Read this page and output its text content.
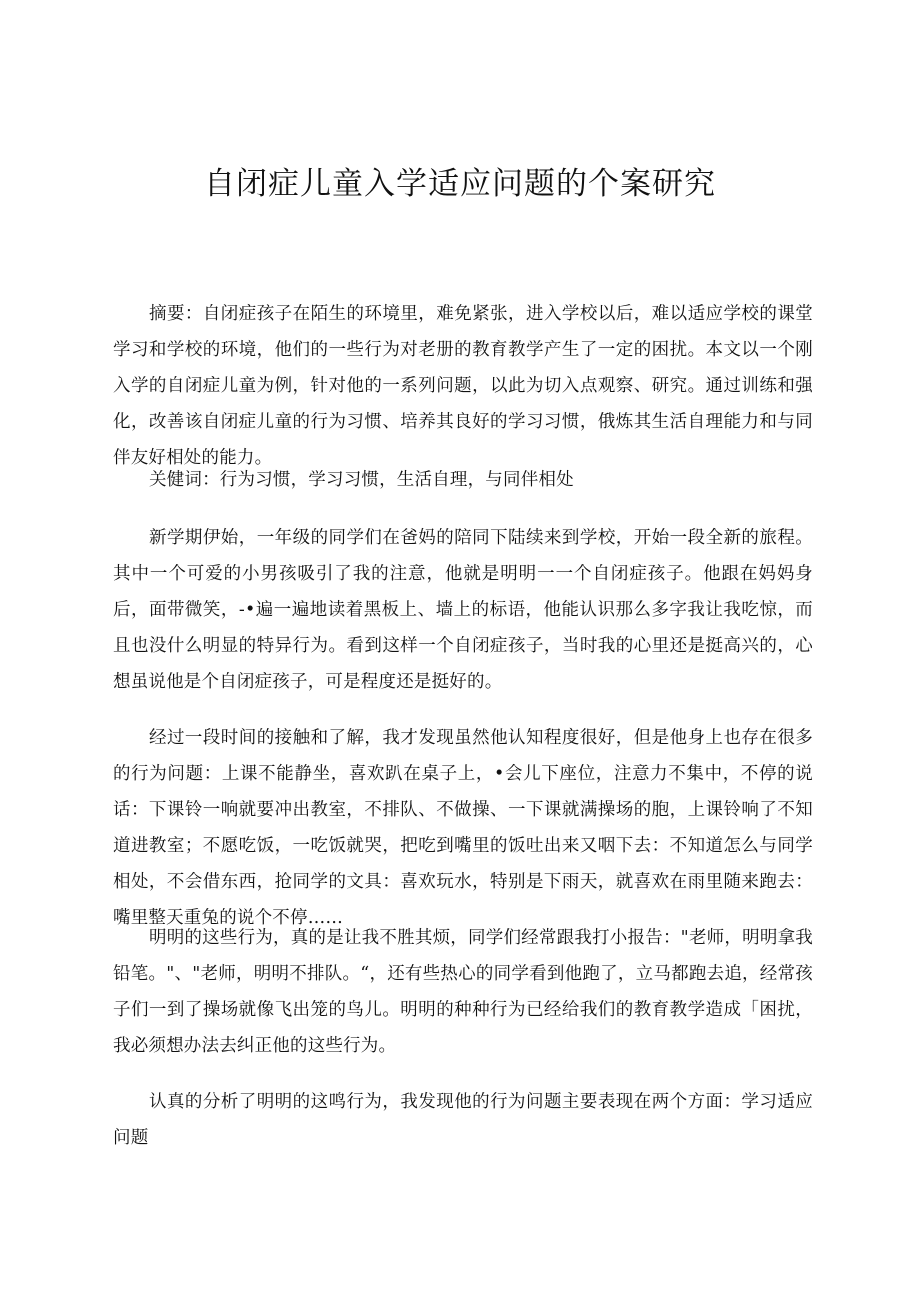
自闭症儿童入学适应问题的个案研究

摘要：自闭症孩子在陌生的环境里，难免紧张，进入学校以后，难以适应学校的课堂学习和学校的环境，他们的一些行为对老册的教育教学产生了一定的困扰。本文以一个刚入学的自闭症儿童为例，针对他的一系列问题，以此为切入点观察、研究。通过训练和强化，改善该自闭症儿童的行为习惯、培养其良好的学习习惯，俄炼其生活自理能力和与同伴友好相处的能力。

关健词：行为习惯，学习习惯，生活自理，与同伴相处

新学期伊始，一年级的同学们在爸妈的陪同下陆续来到学校，开始一段全新的旅程。其中一个可爱的小男孩吸引了我的注意，他就是明明一一个自闭症孩子。他跟在妈妈身后，面带微笑，-•遍一遍地读着黑板上、墙上的标语，他能认识那么多字我让我吃惊，而且也没什么明显的特异行为。看到这样一个自闭症孩子，当时我的心里还是挺高兴的，心想虽说他是个自闭症孩子，可是程度还是挺好的。

经过一段时间的接触和了解，我才发现虽然他认知程度很好，但是他身上也存在很多的行为问题：上课不能静坐，喜欢趴在桌子上，•会儿下座位，注意力不集中，不停的说话：下课铃一响就要冲出教室，不排队、不做操、一下课就满操场的胞，上课铃响了不知道进教室；不愿吃饭，一吃饭就哭，把吃到嘴里的饭吐出来又咽下去：不知道怎么与同学相处，不会借东西，抢同学的文具：喜欢玩水，特别是下雨天，就喜欢在雨里随来跑去：嘴里整天重兔的说个不停……

明明的这些行为，真的是让我不胜其烦，同学们经常跟我打小报告："老师，明明拿我铅笔。"、"老师，明明不排队。“，还有些热心的同学看到他跑了，立马都跑去追，经常孩子们一到了操场就像飞出笼的鸟儿。明明的种种行为已经给我们的教育教学造成「困扰，我必须想办法去纠正他的这些行为。

认真的分析了明明的这鸣行为，我发现他的行为问题主要表现在两个方面：学习适应问题
